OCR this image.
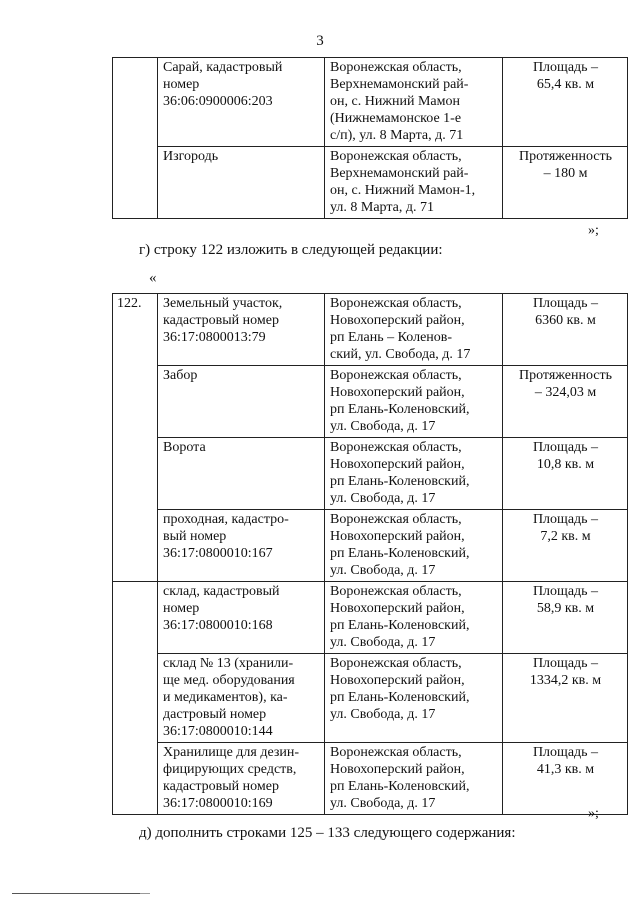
3

	Сарай, кадастровый
номер
36:06:0900006:203	Воронежская область,
Верхнемамонский рай-
он, с. Нижний Мамон
(Нижнемамонское 1-е
с/п), ул. 8 Марта, д. 71	Площадь –
65,4 кв. м

	Изгородь	Воронежская область,
Верхнемамонский рай-
он, с. Нижний Мамон-1,
ул. 8 Марта, д. 71	Протяженность
– 180 м
»;
г) строку 122 изложить в следующей редакции:
«
122.	Земельный участок,
кадастровый номер
36:17:0800013:79	Воронежская область,
Новохоперский район,
рп Елань – Коленов-
ский, ул. Свобода, д. 17	Площадь –
6360 кв. м

	Забор	Воронежская область,
Новохоперский район,
рп Елань-Коленовский,
ул. Свобода, д. 17	Протяженность
– 324,03 м

	Ворота	Воронежская область,
Новохоперский район,
рп Елань-Коленовский,
ул. Свобода, д. 17	Площадь –
10,8 кв. м

	проходная, кадастро-
вый номер
36:17:0800010:167	Воронежская область,
Новохоперский район,
рп Елань-Коленовский,
ул. Свобода, д. 17	Площадь –
7,2 кв. м

	склад, кадастровый
номер
36:17:0800010:168	Воронежская область,
Новохоперский район,
рп Елань-Коленовский,
ул. Свобода, д. 17	Площадь –
58,9 кв. м

	склад № 13 (хранили-
ще мед. оборудования
и медикаментов), ка-
дастровый номер
36:17:0800010:144	Воронежская область,
Новохоперский район,
рп Елань-Коленовский,
ул. Свобода, д. 17	Площадь –
1334,2 кв. м

	Хранилище для дезин-
фицирующих средств,
кадастровый номер
36:17:0800010:169	Воронежская область,
Новохоперский район,
рп Елань-Коленовский,
ул. Свобода, д. 17	Площадь –
41,3 кв. м
»;
д) дополнить строками 125 – 133 следующего содержания:
